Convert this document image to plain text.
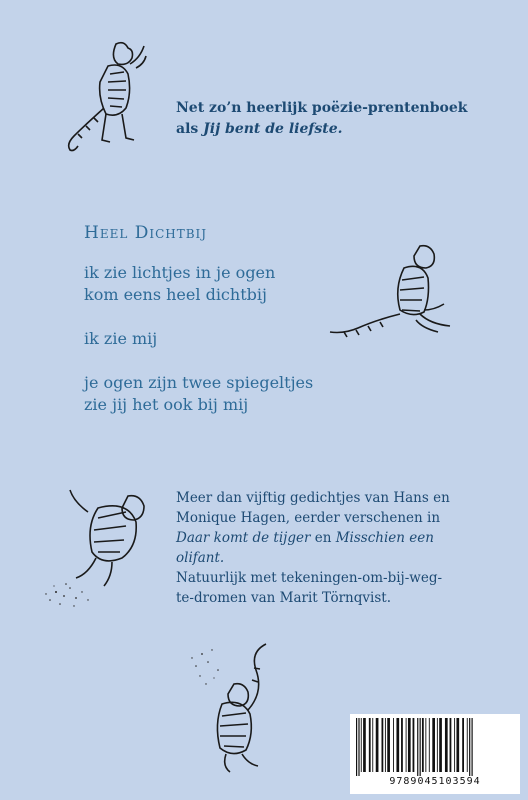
Net zo’n heerlijk poëzie-prentenboek
als Jij bent de liefste.
Heel Dichtbij
ik zie lichtjes in je ogen
kom eens heel dichtbij
ik zie mij
je ogen zijn twee spiegeltjes
zie jij het ook bij mij
Meer dan vijftig gedichtjes van Hans en
Monique Hagen, eerder verschenen in
Daar komt de tijger en Misschien een olifant.
Natuurlijk met tekeningen-om-bij-weg-
te-dromen van Marit Törnqvist.
9789045103594
